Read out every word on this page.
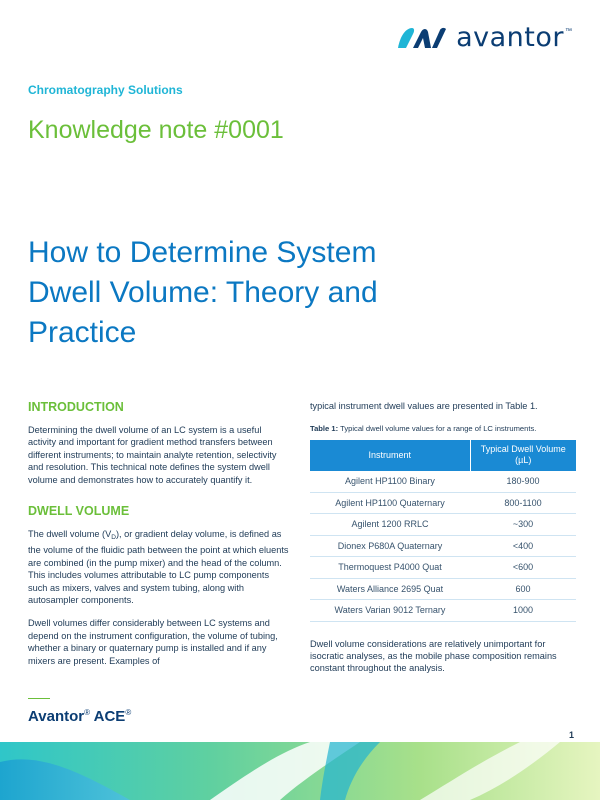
avantor ™
Chromatography Solutions
Knowledge note #0001
How to Determine System Dwell Volume: Theory and Practice
INTRODUCTION

Determining the dwell volume of an LC system is a useful activity and important for gradient method transfers between different instruments; to maintain analyte retention, selectivity and resolution. This technical note defines the system dwell volume and demonstrates how to accurately quantify it.

DWELL VOLUME

The dwell volume $(V_D)$, or gradient delay volume, is defined as the volume of the fluidic path between the point at which eluents are combined (in the pump mixer) and the head of the column. This includes volumes attributable to LC pump components such as mixers, valves and system tubing, along with autosampler components.

Dwell volumes differ considerably between LC systems and depend on the instrument configuration, the volume of tubing, whether a binary or quaternary pump is installed and if any mixers are present. Examples of

typical instrument dwell values are presented in Table 1.

Table 1: Typical dwell volume values for a range of LC instruments.

Instrument	Typical Dwell Volume (µL)
Agilent HP1100 Binary	180-900
Agilent HP1100 Quaternary	800-1100
Agilent 1200 RRLC	~300
Dionex P680A Quaternary	<400
Thermoquest P4000 Quat	<600
Waters Alliance 2695 Quat	600
Waters Varian 9012 Ternary	1000

Dwell volume considerations are relatively unimportant for isocratic analyses, as the mobile phase composition remains constant throughout the analysis.

Avantor® ACE®
1
